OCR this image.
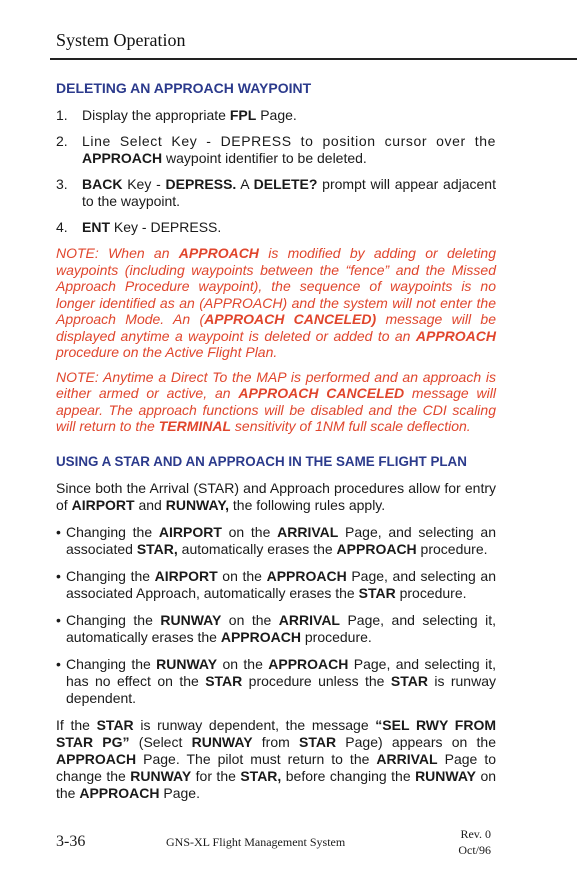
System Operation
DELETING AN APPROACH WAYPOINT
1.	Display the appropriate FPL Page.
2.	Line Select Key - DEPRESS to position cursor over the APPROACH waypoint identifier to be deleted.
3.	BACK Key - DEPRESS. A DELETE? prompt will appear adjacent to the waypoint.
4.	ENT Key - DEPRESS.

NOTE: When an APPROACH is modified by adding or deleting waypoints (including waypoints between the “fence” and the Missed Approach Procedure waypoint), the sequence of waypoints is no longer identified as an (APPROACH) and the system will not enter the Approach Mode. An (APPROACH CANCELED) message will be displayed anytime a waypoint is deleted or added to an APPROACH procedure on the Active Flight Plan.

NOTE: Anytime a Direct To the MAP is performed and an approach is either armed or active, an APPROACH CANCELED message will appear. The approach functions will be disabled and the CDI scaling will return to the TERMINAL sensitivity of 1NM full scale deflection.

USING A STAR AND AN APPROACH IN THE SAME FLIGHT PLAN

Since both the Arrival (STAR) and Approach procedures allow for entry of AIRPORT and RUNWAY, the following rules apply.

• Changing the AIRPORT on the ARRIVAL Page, and selecting an associated STAR, automatically erases the APPROACH procedure.
• Changing the AIRPORT on the APPROACH Page, and selecting an associated Approach, automatically erases the STAR procedure.
• Changing the RUNWAY on the ARRIVAL Page, and selecting it, automatically erases the APPROACH procedure.
• Changing the RUNWAY on the APPROACH Page, and selecting it, has no effect on the STAR procedure unless the STAR is runway dependent.

If the STAR is runway dependent, the message “SEL RWY FROM STAR PG” (Select RUNWAY from STAR Page) appears on the APPROACH Page. The pilot must return to the ARRIVAL Page to change the RUNWAY for the STAR, before changing the RUNWAY on the APPROACH Page.

3-36	GNS-XL Flight Management System
Rev. 0
Oct/96
